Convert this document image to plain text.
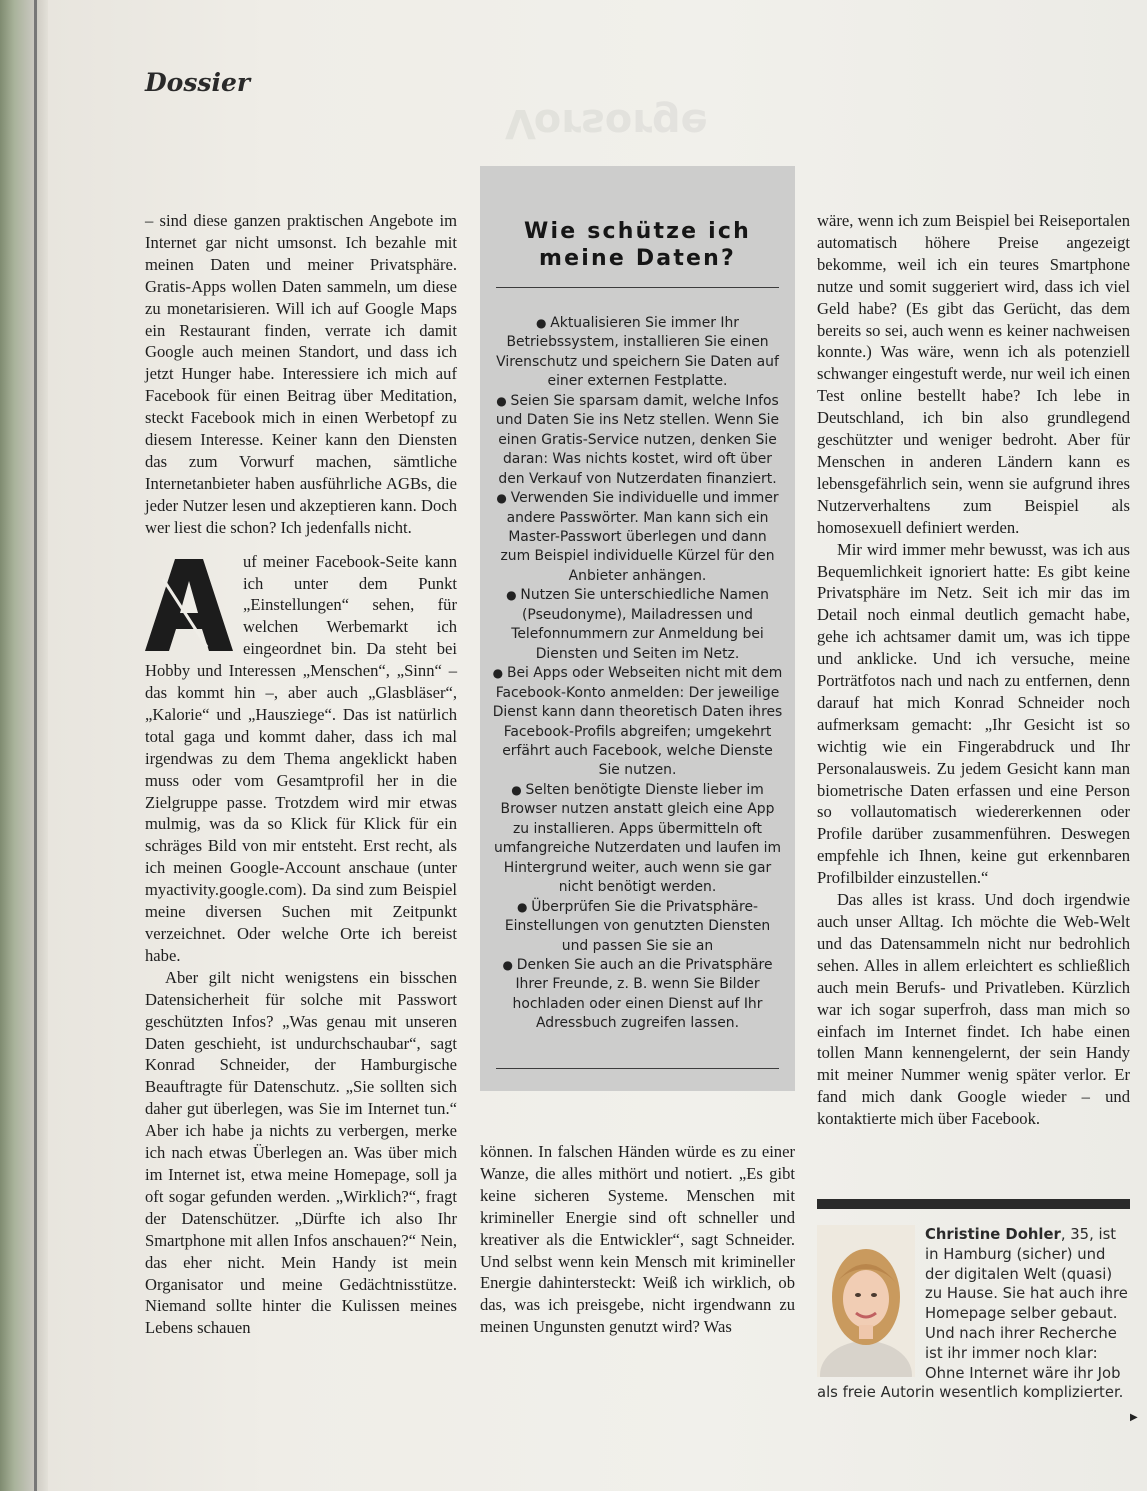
Vorsorge
Dossier

– sind diese ganzen praktischen Angebote im Internet gar nicht umsonst. Ich bezahle mit meinen Daten und meiner Privatsphäre. Gratis-Apps wollen Daten sammeln, um diese zu monetarisieren. Will ich auf Google Maps ein Restaurant finden, verrate ich damit Google auch meinen Standort, und dass ich jetzt Hunger habe. Interessiere ich mich auf Facebook für einen Beitrag über Meditation, steckt Facebook mich in einen Werbetopf zu diesem Interesse. Keiner kann den Diensten das zum Vorwurf machen, sämtliche Internetanbieter haben ausführliche AGBs, die jeder Nutzer lesen und akzeptieren kann. Doch wer liest die schon? Ich jedenfalls nicht.

uf meiner Facebook-Seite kann ich unter dem Punkt „Einstellungen“ sehen, für welchen Werbemarkt ich eingeordnet bin. Da steht bei Hobby und Interessen „Menschen“, „Sinn“ – das kommt hin –, aber auch „Glasbläser“, „Kalorie“ und „Hausziege“. Das ist natürlich total gaga und kommt daher, dass ich mal irgendwas zu dem Thema angeklickt haben muss oder vom Gesamtprofil her in die Zielgruppe passe. Trotzdem wird mir etwas mulmig, was da so Klick für Klick für ein schräges Bild von mir entsteht. Erst recht, als ich meinen Google-Account anschaue (unter myactivity.google.com). Da sind zum Beispiel meine diversen Suchen mit Zeitpunkt verzeichnet. Oder welche Orte ich bereist habe.

Aber gilt nicht wenigstens ein bisschen Datensicherheit für solche mit Passwort geschützten Infos? „Was genau mit unseren Daten geschieht, ist undurchschaubar“, sagt Konrad Schneider, der Hamburgische Beauftragte für Datenschutz. „Sie sollten sich daher gut überlegen, was Sie im Internet tun.“ Aber ich habe ja nichts zu verbergen, merke ich nach etwas Überlegen an. Was über mich im Internet ist, etwa meine Homepage, soll ja oft sogar gefunden werden. „Wirklich?“, fragt der Datenschützer. „Dürfte ich also Ihr Smartphone mit allen Infos anschauen?“ Nein, das eher nicht. Mein Handy ist mein Organisator und meine Gedächtnisstütze. Niemand sollte hinter die Kulissen meines Lebens schauen

Wie schütze ich
meine Daten?
● Aktualisieren Sie immer Ihr Betriebssystem, installieren Sie einen Virenschutz und speichern Sie Daten auf einer externen Festplatte.
● Seien Sie sparsam damit, welche Infos und Daten Sie ins Netz stellen. Wenn Sie einen Gratis-Service nutzen, denken Sie daran: Was nichts kostet, wird oft über den Verkauf von Nutzerdaten finanziert.
● Verwenden Sie individuelle und immer andere Passwörter. Man kann sich ein Master-Passwort überlegen und dann zum Beispiel individuelle Kürzel für den Anbieter anhängen.
● Nutzen Sie unterschiedliche Namen (Pseudonyme), Mailadressen und Telefonnummern zur Anmeldung bei Diensten und Seiten im Netz.
● Bei Apps oder Webseiten nicht mit dem Facebook-Konto anmelden: Der jeweilige Dienst kann dann theoretisch Daten ihres Facebook-Profils abgreifen; umgekehrt erfährt auch Facebook, welche Dienste Sie nutzen.
● Selten benötigte Dienste lieber im Browser nutzen anstatt gleich eine App zu installieren. Apps übermitteln oft umfangreiche Nutzerdaten und laufen im Hintergrund weiter, auch wenn sie gar nicht benötigt werden.
● Überprüfen Sie die Privatsphäre-Einstellungen von genutzten Diensten und passen Sie sie an
● Denken Sie auch an die Privatsphäre Ihrer Freunde, z. B. wenn Sie Bilder hochladen oder einen Dienst auf Ihr Adressbuch zugreifen lassen.

können. In falschen Händen würde es zu einer Wanze, die alles mithört und notiert. „Es gibt keine sicheren Systeme. Menschen mit krimineller Energie sind oft schneller und kreativer als die Entwickler“, sagt Schneider. Und selbst wenn kein Mensch mit krimineller Energie dahintersteckt: Weiß ich wirklich, ob das, was ich preisgebe, nicht irgendwann zu meinen Ungunsten genutzt wird? Was

wäre, wenn ich zum Beispiel bei Reiseportalen automatisch höhere Preise angezeigt bekomme, weil ich ein teures Smartphone nutze und somit suggeriert wird, dass ich viel Geld habe? (Es gibt das Gerücht, das dem bereits so sei, auch wenn es keiner nachweisen konnte.) Was wäre, wenn ich als potenziell schwanger eingestuft werde, nur weil ich einen Test online bestellt habe? Ich lebe in Deutschland, ich bin also grundlegend geschützter und weniger bedroht. Aber für Menschen in anderen Ländern kann es lebensgefährlich sein, wenn sie aufgrund ihres Nutzerverhaltens zum Beispiel als homosexuell definiert werden.

Mir wird immer mehr bewusst, was ich aus Bequemlichkeit ignoriert hatte: Es gibt keine Privatsphäre im Netz. Seit ich mir das im Detail noch einmal deutlich gemacht habe, gehe ich achtsamer damit um, was ich tippe und anklicke. Und ich versuche, meine Porträtfotos nach und nach zu entfernen, denn darauf hat mich Konrad Schneider noch aufmerksam gemacht: „Ihr Gesicht ist so wichtig wie ein Fingerabdruck und Ihr Personalausweis. Zu jedem Gesicht kann man biometrische Daten erfassen und eine Person so vollautomatisch wiedererkennen oder Profile darüber zusammenführen. Deswegen empfehle ich Ihnen, keine gut erkennbaren Profilbilder einzustellen.“

Das alles ist krass. Und doch irgendwie auch unser Alltag. Ich möchte die Web-Welt und das Datensammeln nicht nur bedrohlich sehen. Alles in allem erleichtert es schließlich auch mein Berufs- und Privatleben. Kürzlich war ich sogar superfroh, dass man mich so einfach im Internet findet. Ich habe einen tollen Mann kennengelernt, der sein Handy mit meiner Nummer wenig später verlor. Er fand mich dank Google wieder – und kontaktierte mich über Facebook.

Christine Dohler, 35, ist in Hamburg (sicher) und der digitalen Welt (quasi) zu Hause. Sie hat auch ihre Homepage selber gebaut. Und nach ihrer Recherche ist ihr immer noch klar: Ohne Internet wäre ihr Job als freie Autorin wesentlich komplizierter.
▶
